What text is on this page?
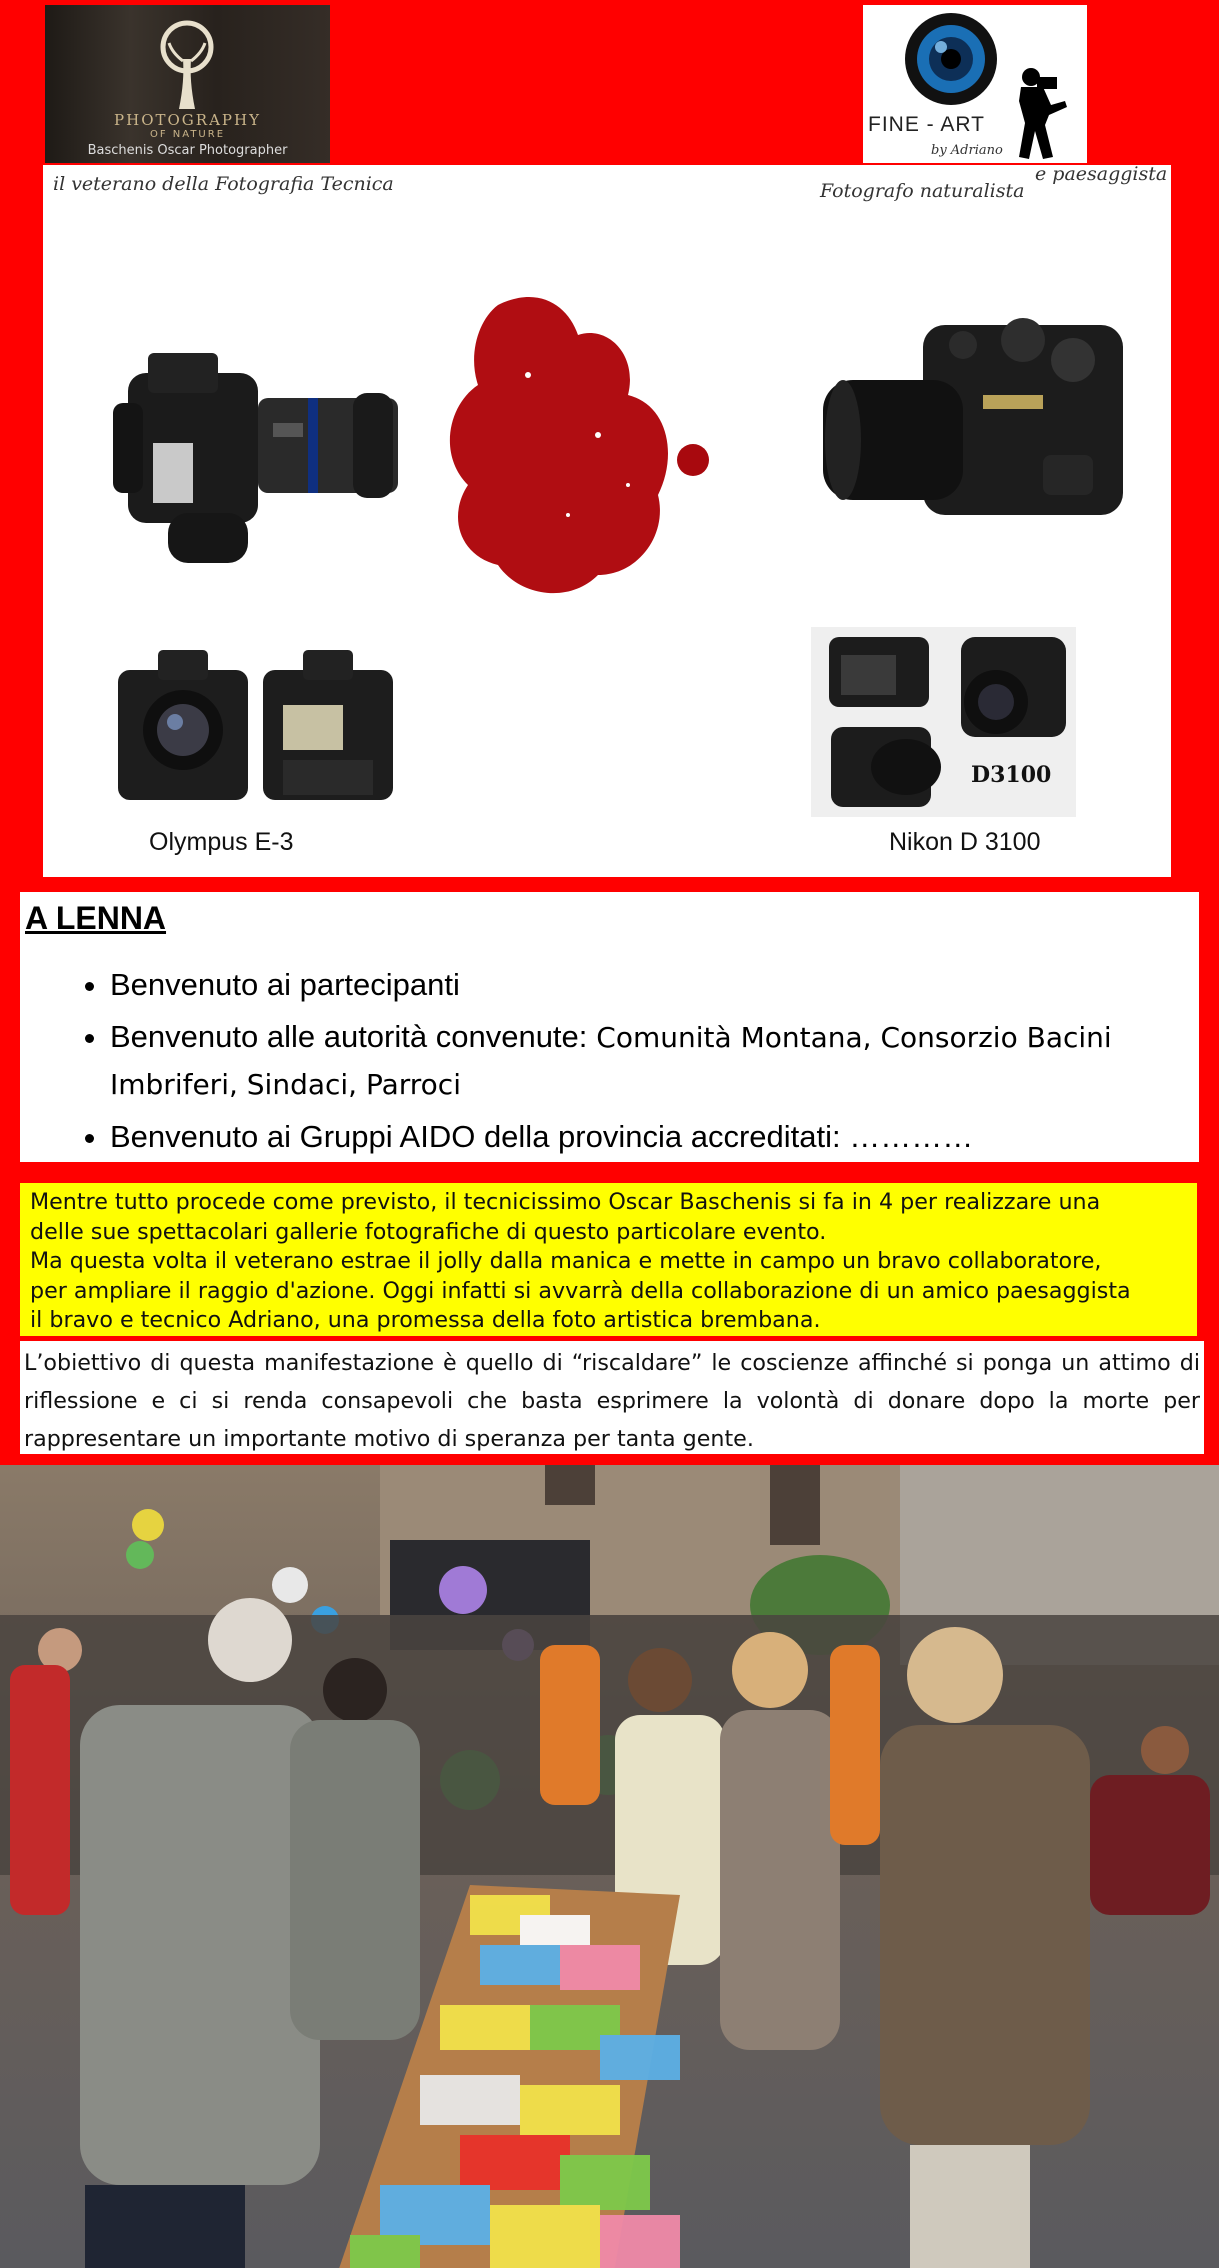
PHOTOGRAPHY
OF NATURE
Baschenis Oscar Photographer
FINE - ART
by Adriano
il veterano della Fotografia Tecnica	Fotografo naturalista
e paesaggista
D3100
Olympus E-3	Nikon D 3100
A LENNA
• Benvenuto ai partecipanti
• Benvenuto alle autorità convenute: Comunità Montana, Consorzio Bacini Imbriferi, Sindaci, Parroci
• Benvenuto ai Gruppi AIDO della provincia accreditati: …………

Mentre tutto procede come previsto, il tecnicissimo Oscar Baschenis si fa in 4 per realizzare una
delle sue spettacolari gallerie fotografiche di questo particolare evento.
Ma questa volta il veterano estrae il jolly dalla manica e mette in campo un bravo collaboratore,
per ampliare il raggio d'azione. Oggi infatti si avvarrà della collaborazione di un amico paesaggista
il bravo e tecnico Adriano, una promessa della foto artistica brembana.

L’obiettivo di questa manifestazione è quello di “riscaldare” le coscienze affinché si ponga un attimo di riflessione e ci si renda consapevoli che basta esprimere la volontà di donare dopo la morte per rappresentare un importante motivo di speranza per tanta gente.
